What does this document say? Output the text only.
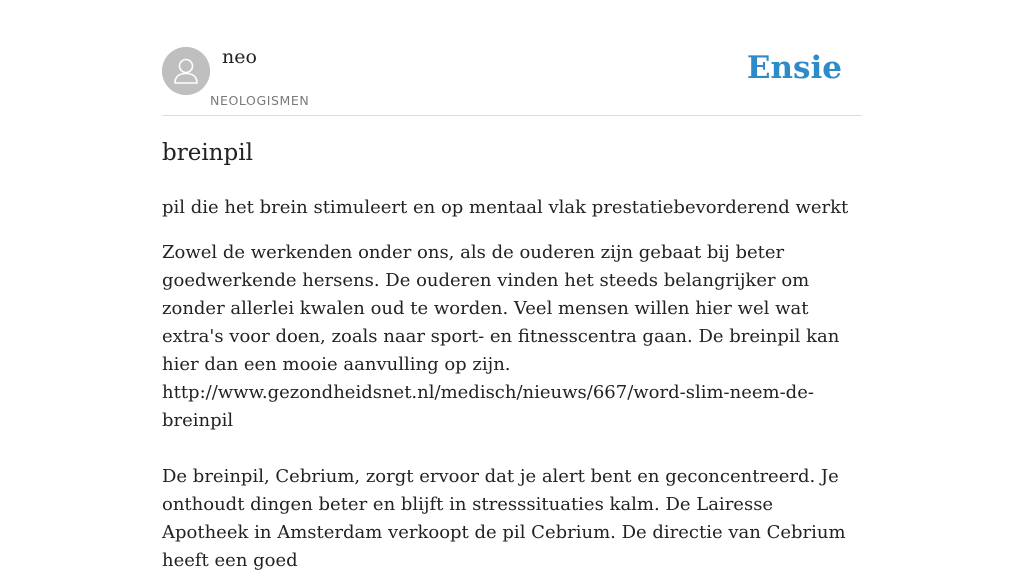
neo
NEOLOGISMEN
Ensie
breinpil

pil die het brein stimuleert en op mentaal vlak prestatiebevorderend werkt

Zowel de werkenden onder ons, als de ouderen zijn gebaat bij beter goedwerkende hersens. De ouderen vinden het steeds belangrijker om zonder allerlei kwalen oud te worden. Veel mensen willen hier wel wat extra's voor doen, zoals naar sport- en fitnesscentra gaan. De breinpil kan hier dan een mooie aanvulling op zijn.
http://www.gezondheidsnet.nl/medisch/nieuws/667/word-slim-neem-de-breinpil

De breinpil, Cebrium, zorgt ervoor dat je alert bent en geconcentreerd. Je onthoudt dingen beter en blijft in stresssituaties kalm. De Lairesse Apotheek in Amsterdam verkoopt de pil Cebrium. De directie van Cebrium heeft een goed
